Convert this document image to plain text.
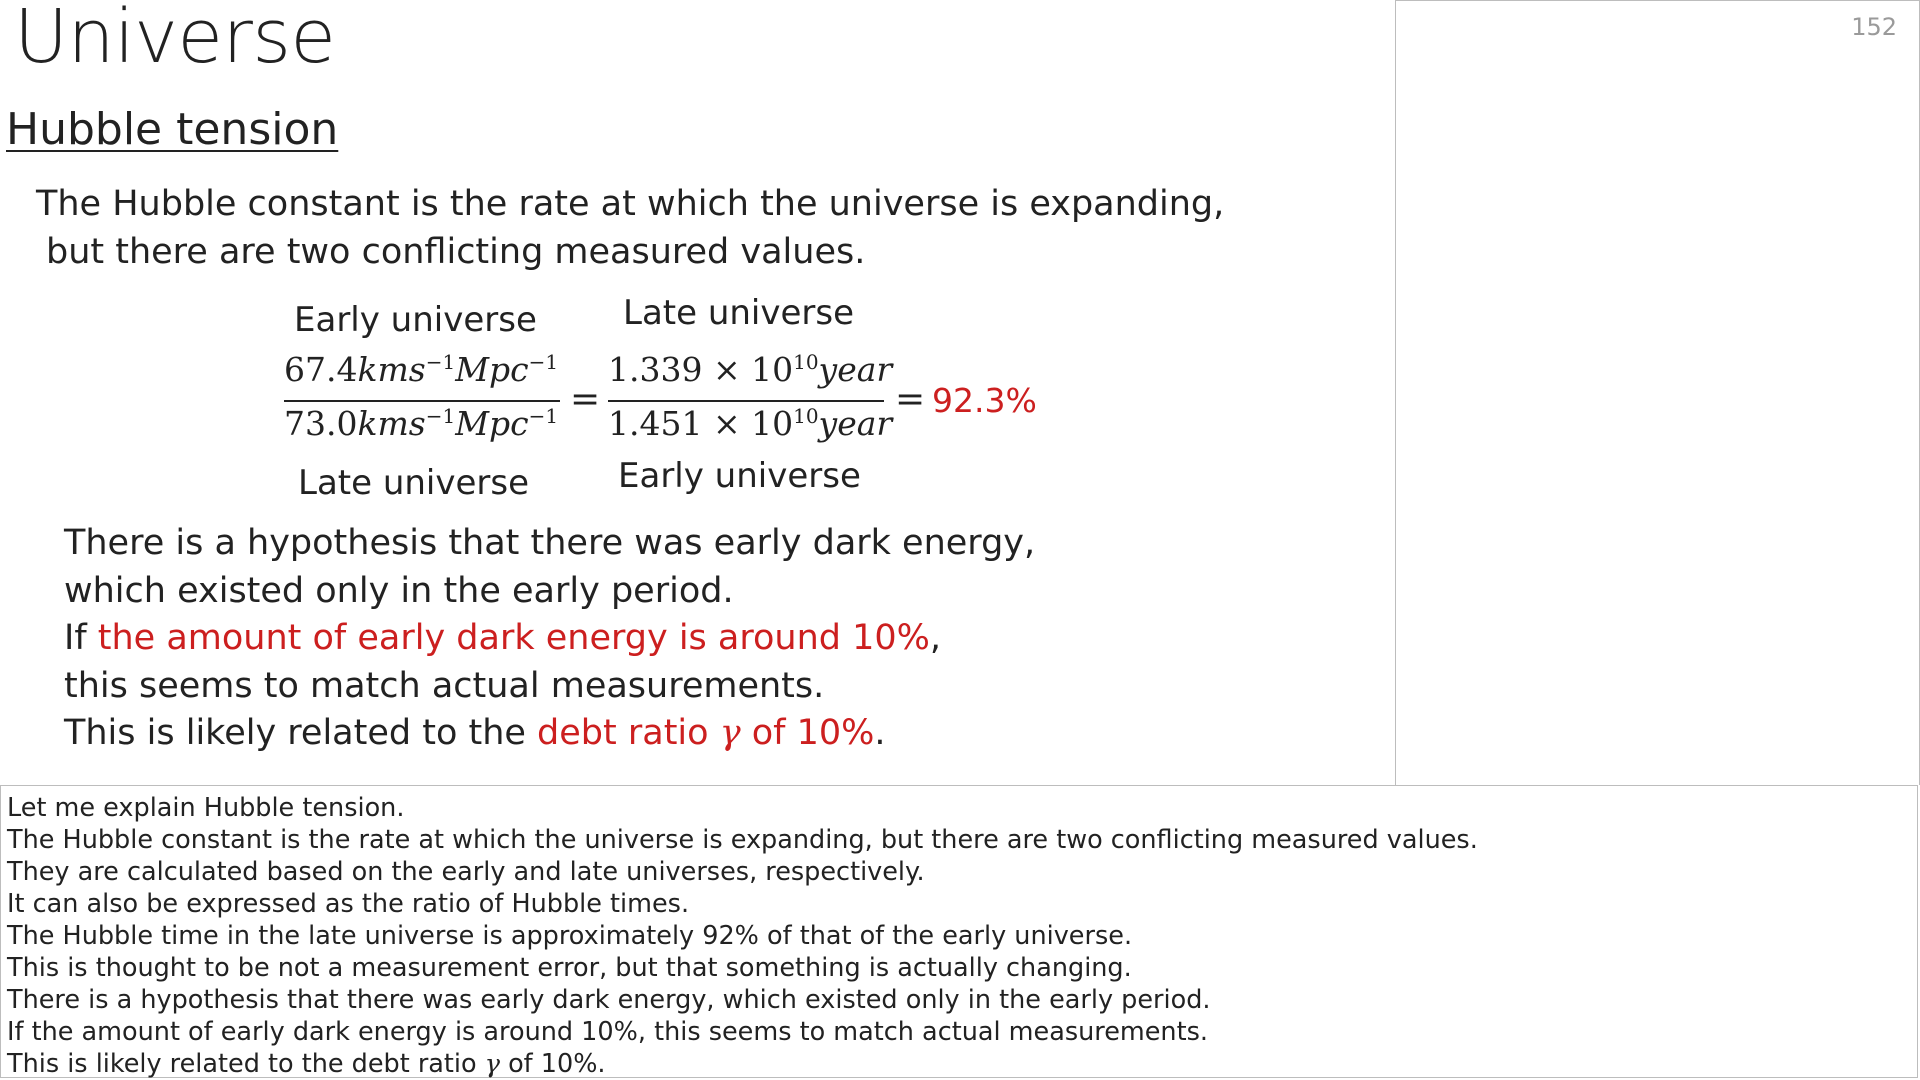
Universe	152
Hubble tension
The Hubble constant is the rate at which the universe is expanding,
but there are two conflicting measured values.
Early universe	Late universe
67.4kms$^{-1}$Mpc$^{-1}$
73.0kms$^{-1}$Mpc$^{-1}$ =
$1.339 \times 10^{10}year$
$1.451 \times 10^{10}year$
= 92.3%
Late universe	Early universe
There is a hypothesis that there was early dark energy,
which existed only in the early period.
If the amount of early dark energy is around 10%,
this seems to match actual measurements.
This is likely related to the debt ratio γ of 10%.
Let me explain Hubble tension.
The Hubble constant is the rate at which the universe is expanding, but there are two conflicting measured values.
They are calculated based on the early and late universes, respectively.
It can also be expressed as the ratio of Hubble times.
The Hubble time in the late universe is approximately 92% of that of the early universe.
This is thought to be not a measurement error, but that something is actually changing.
There is a hypothesis that there was early dark energy, which existed only in the early period.
If the amount of early dark energy is around 10%, this seems to match actual measurements.
This is likely related to the debt ratio γ of 10%.
